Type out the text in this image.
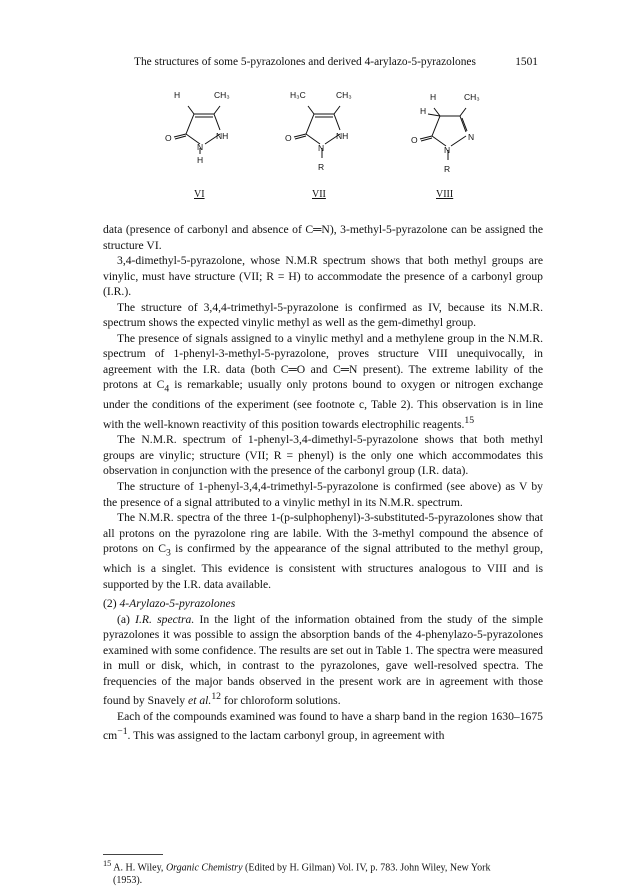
The structures of some 5-pyrazolones and derived 4-arylazo-5-pyrazolones	1501
H	CH₃
O	NH
N
H
VI
H₃C	CH₃
O	NH
N
R
VII
H
H
CH₃
O	N
N
R
VIII

data (presence of carbonyl and absence of C═N), 3-methyl-5-pyrazolone can be assigned the structure VI.

3,4-dimethyl-5-pyrazolone, whose N.M.R spectrum shows that both methyl groups are vinylic, must have structure (VII; R = H) to accommodate the presence of a carbonyl group (I.R.).

The structure of 3,4,4-trimethyl-5-pyrazolone is confirmed as IV, because its N.M.R. spectrum shows the expected vinylic methyl as well as the gem-dimethyl group.

The presence of signals assigned to a vinylic methyl and a methylene group in the N.M.R. spectrum of 1-phenyl-3-methyl-5-pyrazolone, proves structure VIII unequivocally, in agreement with the I.R. data (both C═O and C═N present). The extreme lability of the protons at $C_4$ is remarkable; usually only protons bound to oxygen or nitrogen exchange under the conditions of the experiment (see footnote c, Table 2). This observation is in line with the well-known reactivity of this position towards electrophilic reagents.$^{15}$

The N.M.R. spectrum of 1-phenyl-3,4-dimethyl-5-pyrazolone shows that both methyl groups are vinylic; structure (VII; R = phenyl) is the only one which accommodates this observation in conjunction with the presence of the carbonyl group (I.R. data).

The structure of 1-phenyl-3,4,4-trimethyl-5-pyrazolone is confirmed (see above) as V by the presence of a signal attributed to a vinylic methyl in its N.M.R. spectrum.

The N.M.R. spectra of the three 1-(p-sulphophenyl)-3-substituted-5-pyrazolones show that all protons on the pyrazolone ring are labile. With the 3-methyl compound the absence of protons on $C_3$ is confirmed by the appearance of the signal attributed to the methyl group, which is a singlet. This evidence is consistent with structures analogous to VIII and is supported by the I.R. data available.

(2) 4-Arylazo-5-pyrazolones

(a) I.R. spectra. In the light of the information obtained from the study of the simple pyrazolones it was possible to assign the absorption bands of the 4-phenylazo-5-pyrazolones examined with some confidence. The results are set out in Table 1. The spectra were measured in mull or disk, which, in contrast to the pyrazolones, gave well-resolved spectra. The frequencies of the major bands observed in the present work are in agreement with those found by Snavely et al.$^{12}$ for chloroform solutions.

Each of the compounds examined was found to have a sharp band in the region 1630–1675 $cm^{-1}$. This was assigned to the lactam carbonyl group, in agreement with

$^{15}$ A. H. Wiley, Organic Chemistry (Edited by H. Gilman) Vol. IV, p. 783. John Wiley, New York
(1953).
